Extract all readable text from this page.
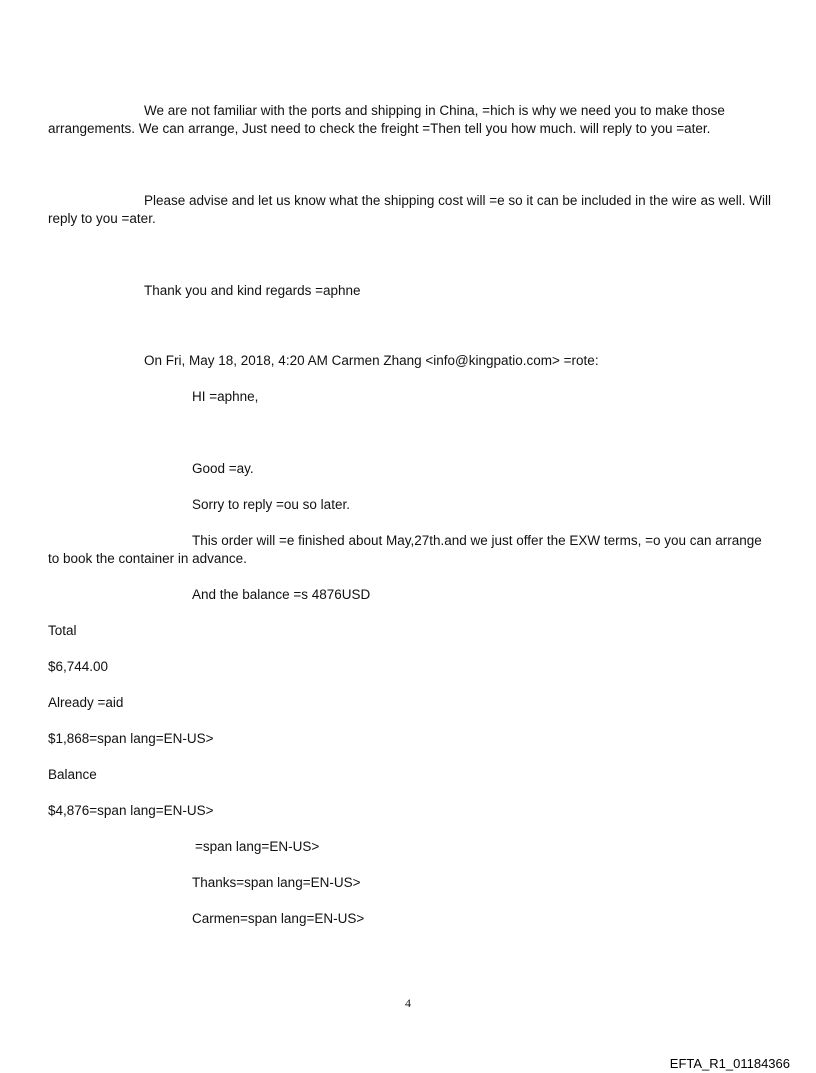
We are not familiar with the ports and shipping in China, =hich is why we need you to make those
arrangements. We can arrange, Just need to check the freight =Then tell you how much. will reply to you =ater.
Please advise and let us know what the shipping cost will =e so it can be included in the wire as well. Will
reply to you =ater.
Thank you and kind regards =aphne
On Fri, May 18, 2018, 4:20 AM Carmen Zhang <info@kingpatio.com> =rote:
HI =aphne,
Good =ay.
Sorry to reply =ou so later.
This order will =e finished about May,27th.and we just offer the EXW terms, =o you can arrange
to book the container in advance.
And the balance =s 4876USD
Total
$6,744.00
Already =aid
$1,868=span lang=EN-US>
Balance
$4,876=span lang=EN-US>
=span lang=EN-US>
Thanks=span lang=EN-US>
Carmen=span lang=EN-US>
4
EFTA_R1_01184366
